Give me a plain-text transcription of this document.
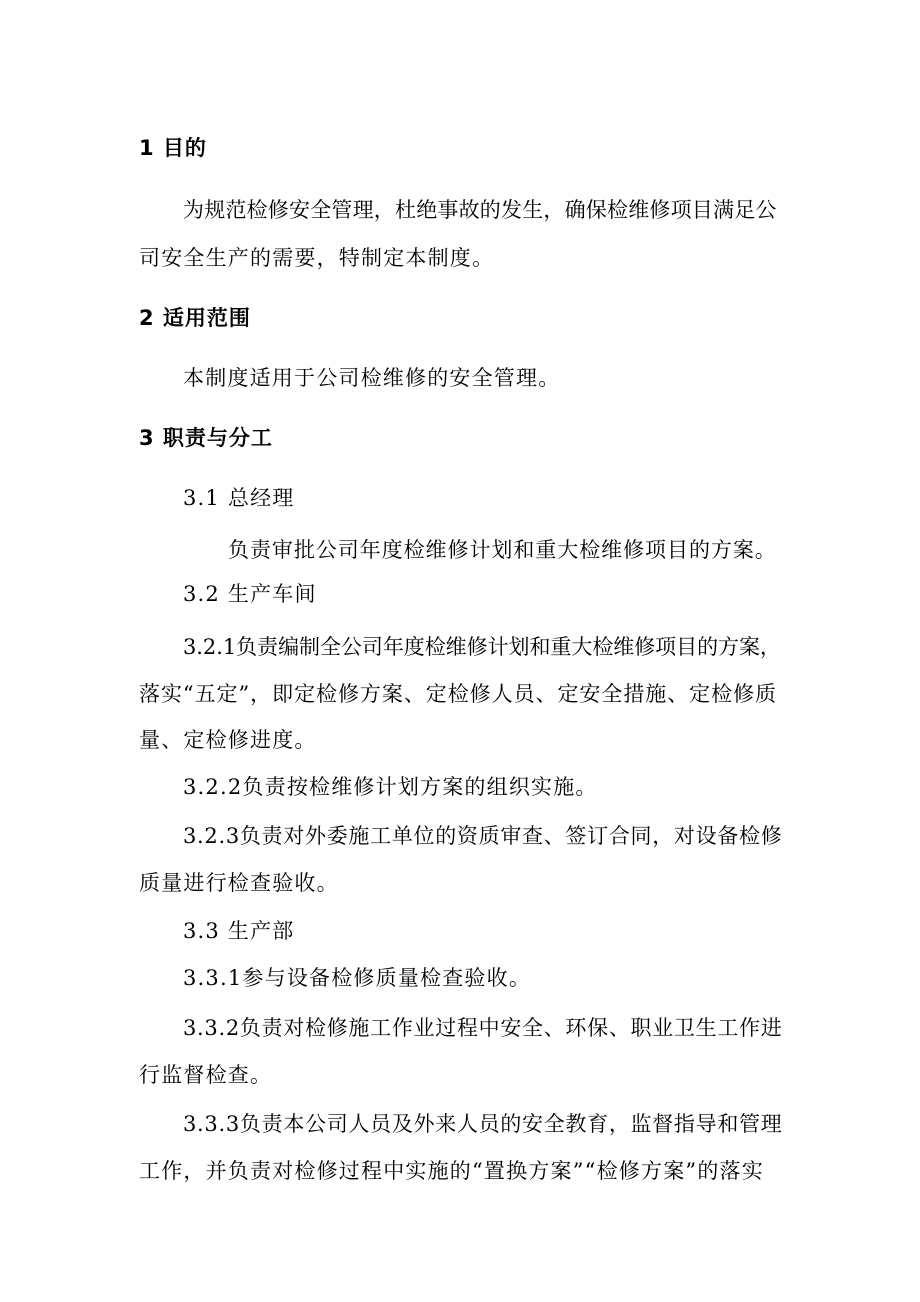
1 目的
为规范检修安全管理，杜绝事故的发生，确保检维修项目满足公
司安全生产的需要，特制定本制度。
2 适用范围
本制度适用于公司检维修的安全管理。
3 职责与分工
3.1 总经理
负责审批公司年度检维修计划和重大检维修项目的方案。
3.2 生产车间
3.2.1负责编制全公司年度检维修计划和重大检维修项目的方案，
落实“五定”，即定检修方案、定检修人员、定安全措施、定检修质
量、定检修进度。
3.2.2负责按检维修计划方案的组织实施。
3.2.3负责对外委施工单位的资质审查、签订合同，对设备检修
质量进行检查验收。
3.3 生产部
3.3.1参与设备检修质量检查验收。
3.3.2负责对检修施工作业过程中安全、环保、职业卫生工作进
行监督检查。
3.3.3负责本公司人员及外来人员的安全教育，监督指导和管理
工作，并负责对检修过程中实施的“置换方案”“检修方案”的落实
